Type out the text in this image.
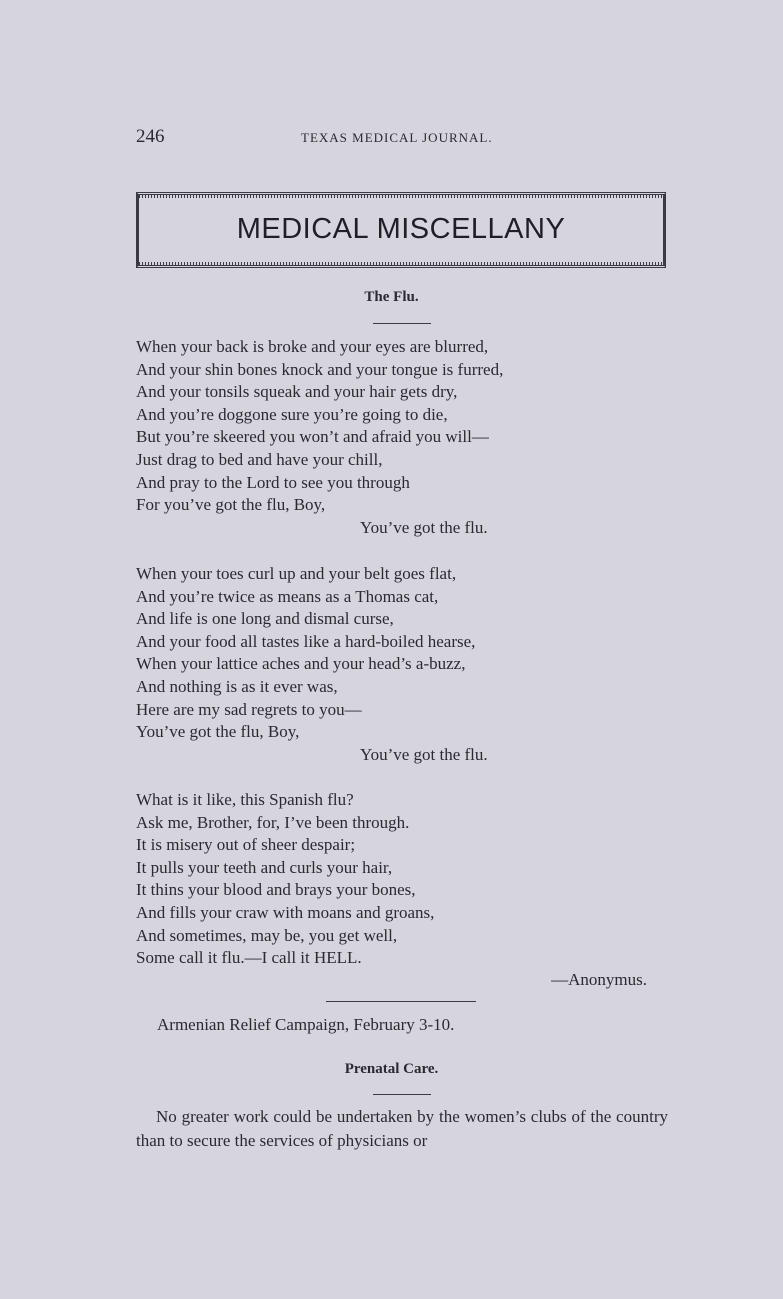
246	TEXAS MEDICAL JOURNAL.
MEDICAL MISCELLANY
The Flu.
When your back is broke and your eyes are blurred,
And your shin bones knock and your tongue is furred,
And your tonsils squeak and your hair gets dry,
And you’re doggone sure you’re going to die,
But you’re skeered you won’t and afraid you will—
Just drag to bed and have your chill,
And pray to the Lord to see you through
For you’ve got the flu, Boy,
You’ve got the flu.
When your toes curl up and your belt goes flat,
And you’re twice as means as a Thomas cat,
And life is one long and dismal curse,
And your food all tastes like a hard-boiled hearse,
When your lattice aches and your head’s a-buzz,
And nothing is as it ever was,
Here are my sad regrets to you—
You’ve got the flu, Boy,
You’ve got the flu.
What is it like, this Spanish flu?
Ask me, Brother, for, I’ve been through.
It is misery out of sheer despair;
It pulls your teeth and curls your hair,
It thins your blood and brays your bones,
And fills your craw with moans and groans,
And sometimes, may be, you get well,
Some call it flu.—I call it HELL.
—Anonymus.
Armenian Relief Campaign, February 3-10.
Prenatal Care.
No greater work could be undertaken by the women’s clubs of the country than to secure the services of physicians or
